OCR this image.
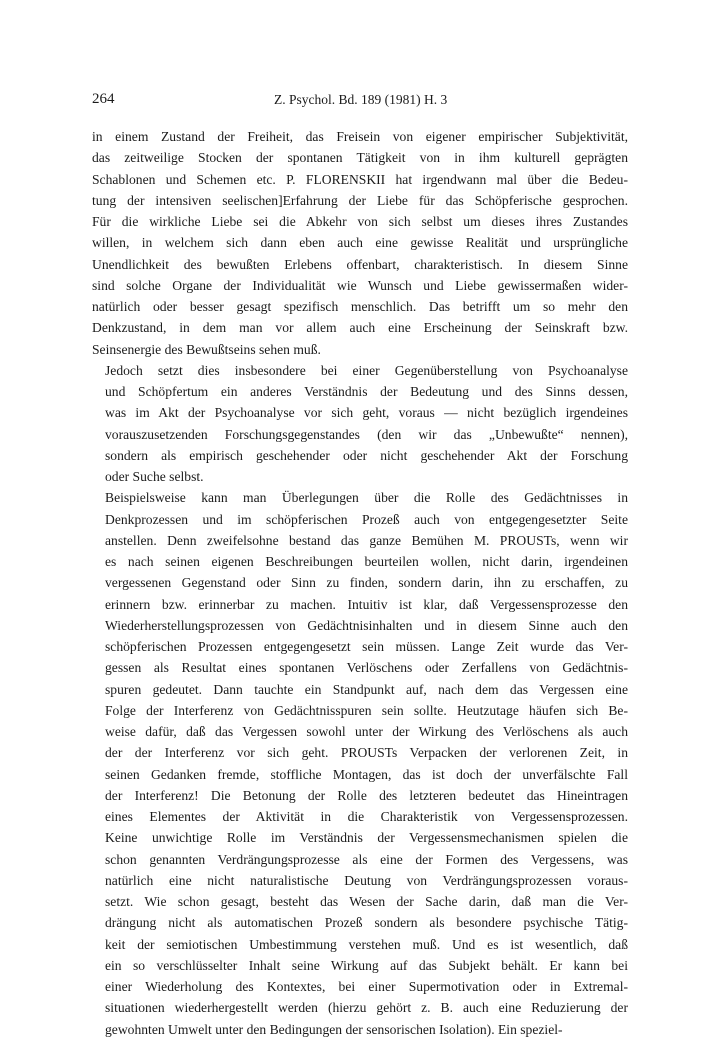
264	Z. Psychol. Bd. 189 (1981) H. 3
in einem Zustand der Freiheit, das Freisein von eigener empirischer Subjektivität,
das zeitweilige Stocken der spontanen Tätigkeit von in ihm kulturell geprägten
Schablonen und Schemen etc. P. FLORENSKII hat irgendwann mal über die Bedeu-
tung der intensiven seelischen]Erfahrung der Liebe für das Schöpferische gesprochen.
Für die wirkliche Liebe sei die Abkehr von sich selbst um dieses ihres Zustandes
willen, in welchem sich dann eben auch eine gewisse Realität und ursprüngliche
Unendlichkeit des bewußten Erlebens offenbart, charakteristisch. In diesem Sinne
sind solche Organe der Individualität wie Wunsch und Liebe gewissermaßen wider-
natürlich oder besser gesagt spezifisch menschlich. Das betrifft um so mehr den
Denkzustand, in dem man vor allem auch eine Erscheinung der Seinskraft bzw.
Seinsenergie des Bewußtseins sehen muß.
Jedoch setzt dies insbesondere bei einer Gegenüberstellung von Psychoanalyse
und Schöpfertum ein anderes Verständnis der Bedeutung und des Sinns dessen,
was im Akt der Psychoanalyse vor sich geht, voraus — nicht bezüglich irgendeines
vorauszusetzenden Forschungsgegenstandes (den wir das „Unbewußte“ nennen),
sondern als empirisch geschehender oder nicht geschehender Akt der Forschung
oder Suche selbst.
Beispielsweise kann man Überlegungen über die Rolle des Gedächtnisses in
Denkprozessen und im schöpferischen Prozeß auch von entgegengesetzter Seite
anstellen. Denn zweifelsohne bestand das ganze Bemühen M. PROUSTs, wenn wir
es nach seinen eigenen Beschreibungen beurteilen wollen, nicht darin, irgendeinen
vergessenen Gegenstand oder Sinn zu finden, sondern darin, ihn zu erschaffen, zu
erinnern bzw. erinnerbar zu machen. Intuitiv ist klar, daß Vergessensprozesse den
Wiederherstellungsprozessen von Gedächtnisinhalten und in diesem Sinne auch den
schöpferischen Prozessen entgegengesetzt sein müssen. Lange Zeit wurde das Ver-
gessen als Resultat eines spontanen Verlöschens oder Zerfallens von Gedächtnis-
spuren gedeutet. Dann tauchte ein Standpunkt auf, nach dem das Vergessen eine
Folge der Interferenz von Gedächtnisspuren sein sollte. Heutzutage häufen sich Be-
weise dafür, daß das Vergessen sowohl unter der Wirkung des Verlöschens als auch
der der Interferenz vor sich geht. PROUSTs Verpacken der verlorenen Zeit, in
seinen Gedanken fremde, stoffliche Montagen, das ist doch der unverfälschte Fall
der Interferenz! Die Betonung der Rolle des letzteren bedeutet das Hineintragen
eines Elementes der Aktivität in die Charakteristik von Vergessensprozessen.
Keine unwichtige Rolle im Verständnis der Vergessensmechanismen spielen die
schon genannten Verdrängungsprozesse als eine der Formen des Vergessens, was
natürlich eine nicht naturalistische Deutung von Verdrängungsprozessen voraus-
setzt. Wie schon gesagt, besteht das Wesen der Sache darin, daß man die Ver-
drängung nicht als automatischen Prozeß sondern als besondere psychische Tätig-
keit der semiotischen Umbestimmung verstehen muß. Und es ist wesentlich, daß
ein so verschlüsselter Inhalt seine Wirkung auf das Subjekt behält. Er kann bei
einer Wiederholung des Kontextes, bei einer Supermotivation oder in Extremal-
situationen wiederhergestellt werden (hierzu gehört z. B. auch eine Reduzierung der
gewohnten Umwelt unter den Bedingungen der sensorischen Isolation). Ein speziel-
